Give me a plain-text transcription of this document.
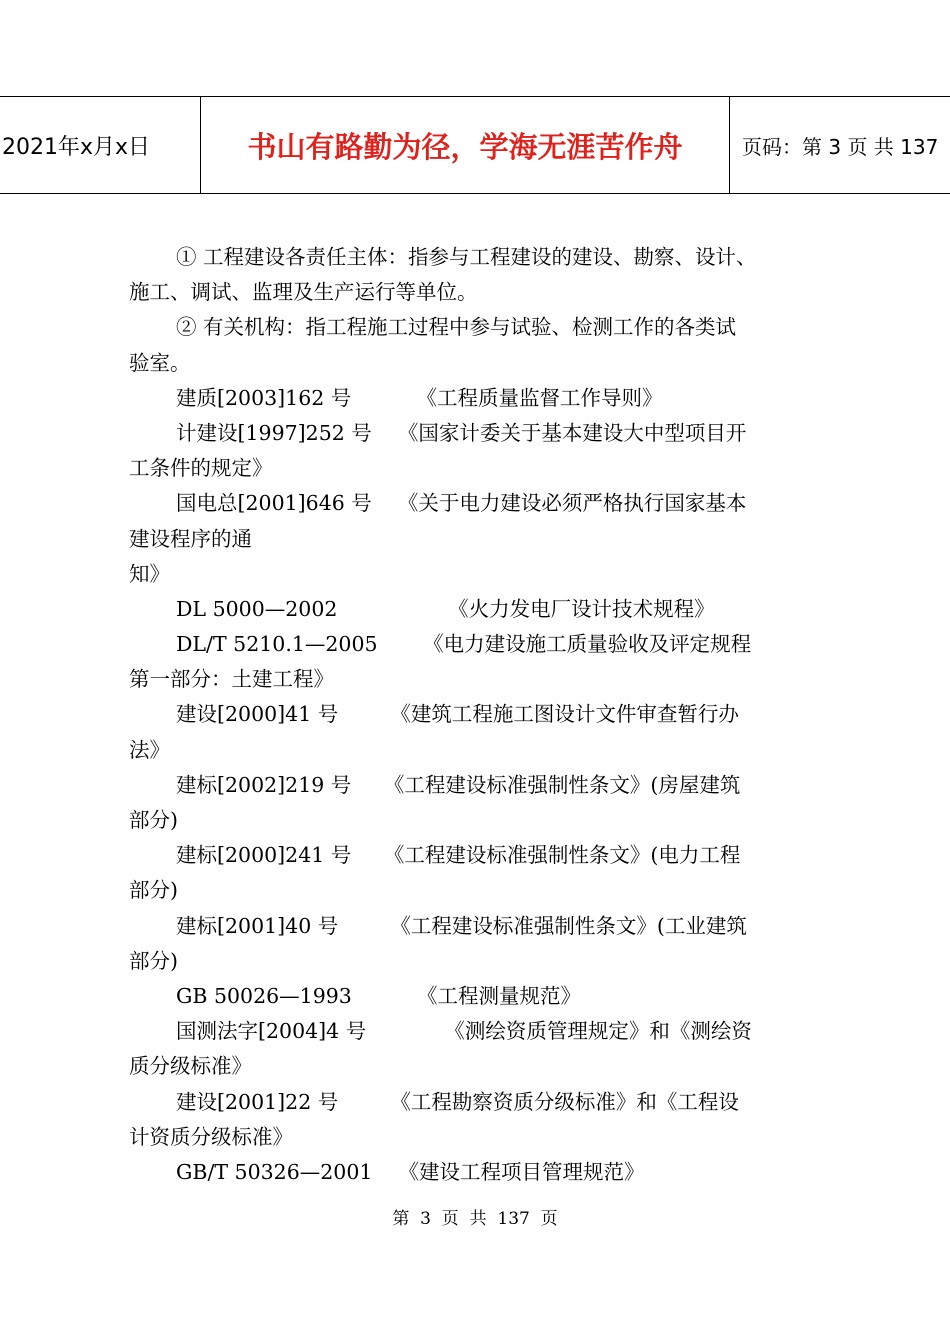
2021年x月x日	书山有路勤为径，学海无涯苦作舟	页码：第 3 页 共 137
① 工程建设各责任主体：指参与工程建设的建设、勘察、设计、
施工、调试、监理及生产运行等单位。
② 有关机构：指工程施工过程中参与试验、检测工作的各类试
验室。
建质[2003]162 号          《工程质量监督工作导则》
计建设[1997]252 号    《国家计委关于基本建设大中型项目开
工条件的规定》
国电总[2001]646 号    《关于电力建设必须严格执行国家基本
建设程序的通
知》
DL 5000—2002                 《火力发电厂设计技术规程》
DL/T 5210.1—2005       《电力建设施工质量验收及评定规程
第一部分：土建工程》
建设[2000]41 号        《建筑工程施工图设计文件审查暂行办
法》
建标[2002]219 号     《工程建设标准强制性条文》(房屋建筑
部分)
建标[2000]241 号     《工程建设标准强制性条文》(电力工程
部分)
建标[2001]40 号        《工程建设标准强制性条文》(工业建筑
部分)
GB 50026—1993          《工程测量规范》
国测法字[2004]4 号            《测绘资质管理规定》和《测绘资
质分级标准》
建设[2001]22 号        《工程勘察资质分级标准》和《工程设
计资质分级标准》
GB/T 50326—2001    《建设工程项目管理规范》
第  3  页  共  137  页
